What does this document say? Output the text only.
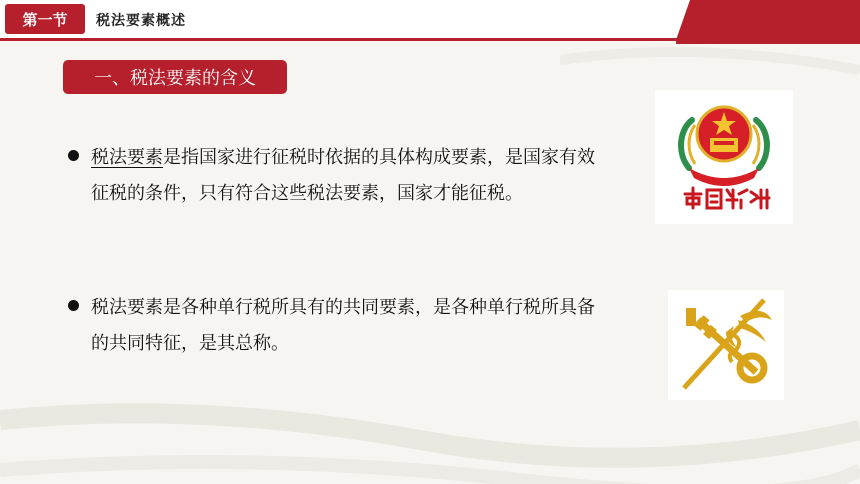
第一节	税法要素概述
一、税法要素的含义
税法要素是指国家进行征税时依据的具体构成要素，是国家有效征税的条件，只有符合这些税法要素，国家才能征税。
税法要素是各种单行税所具有的共同要素，是各种单行税所具备的共同特征，是其总称。
